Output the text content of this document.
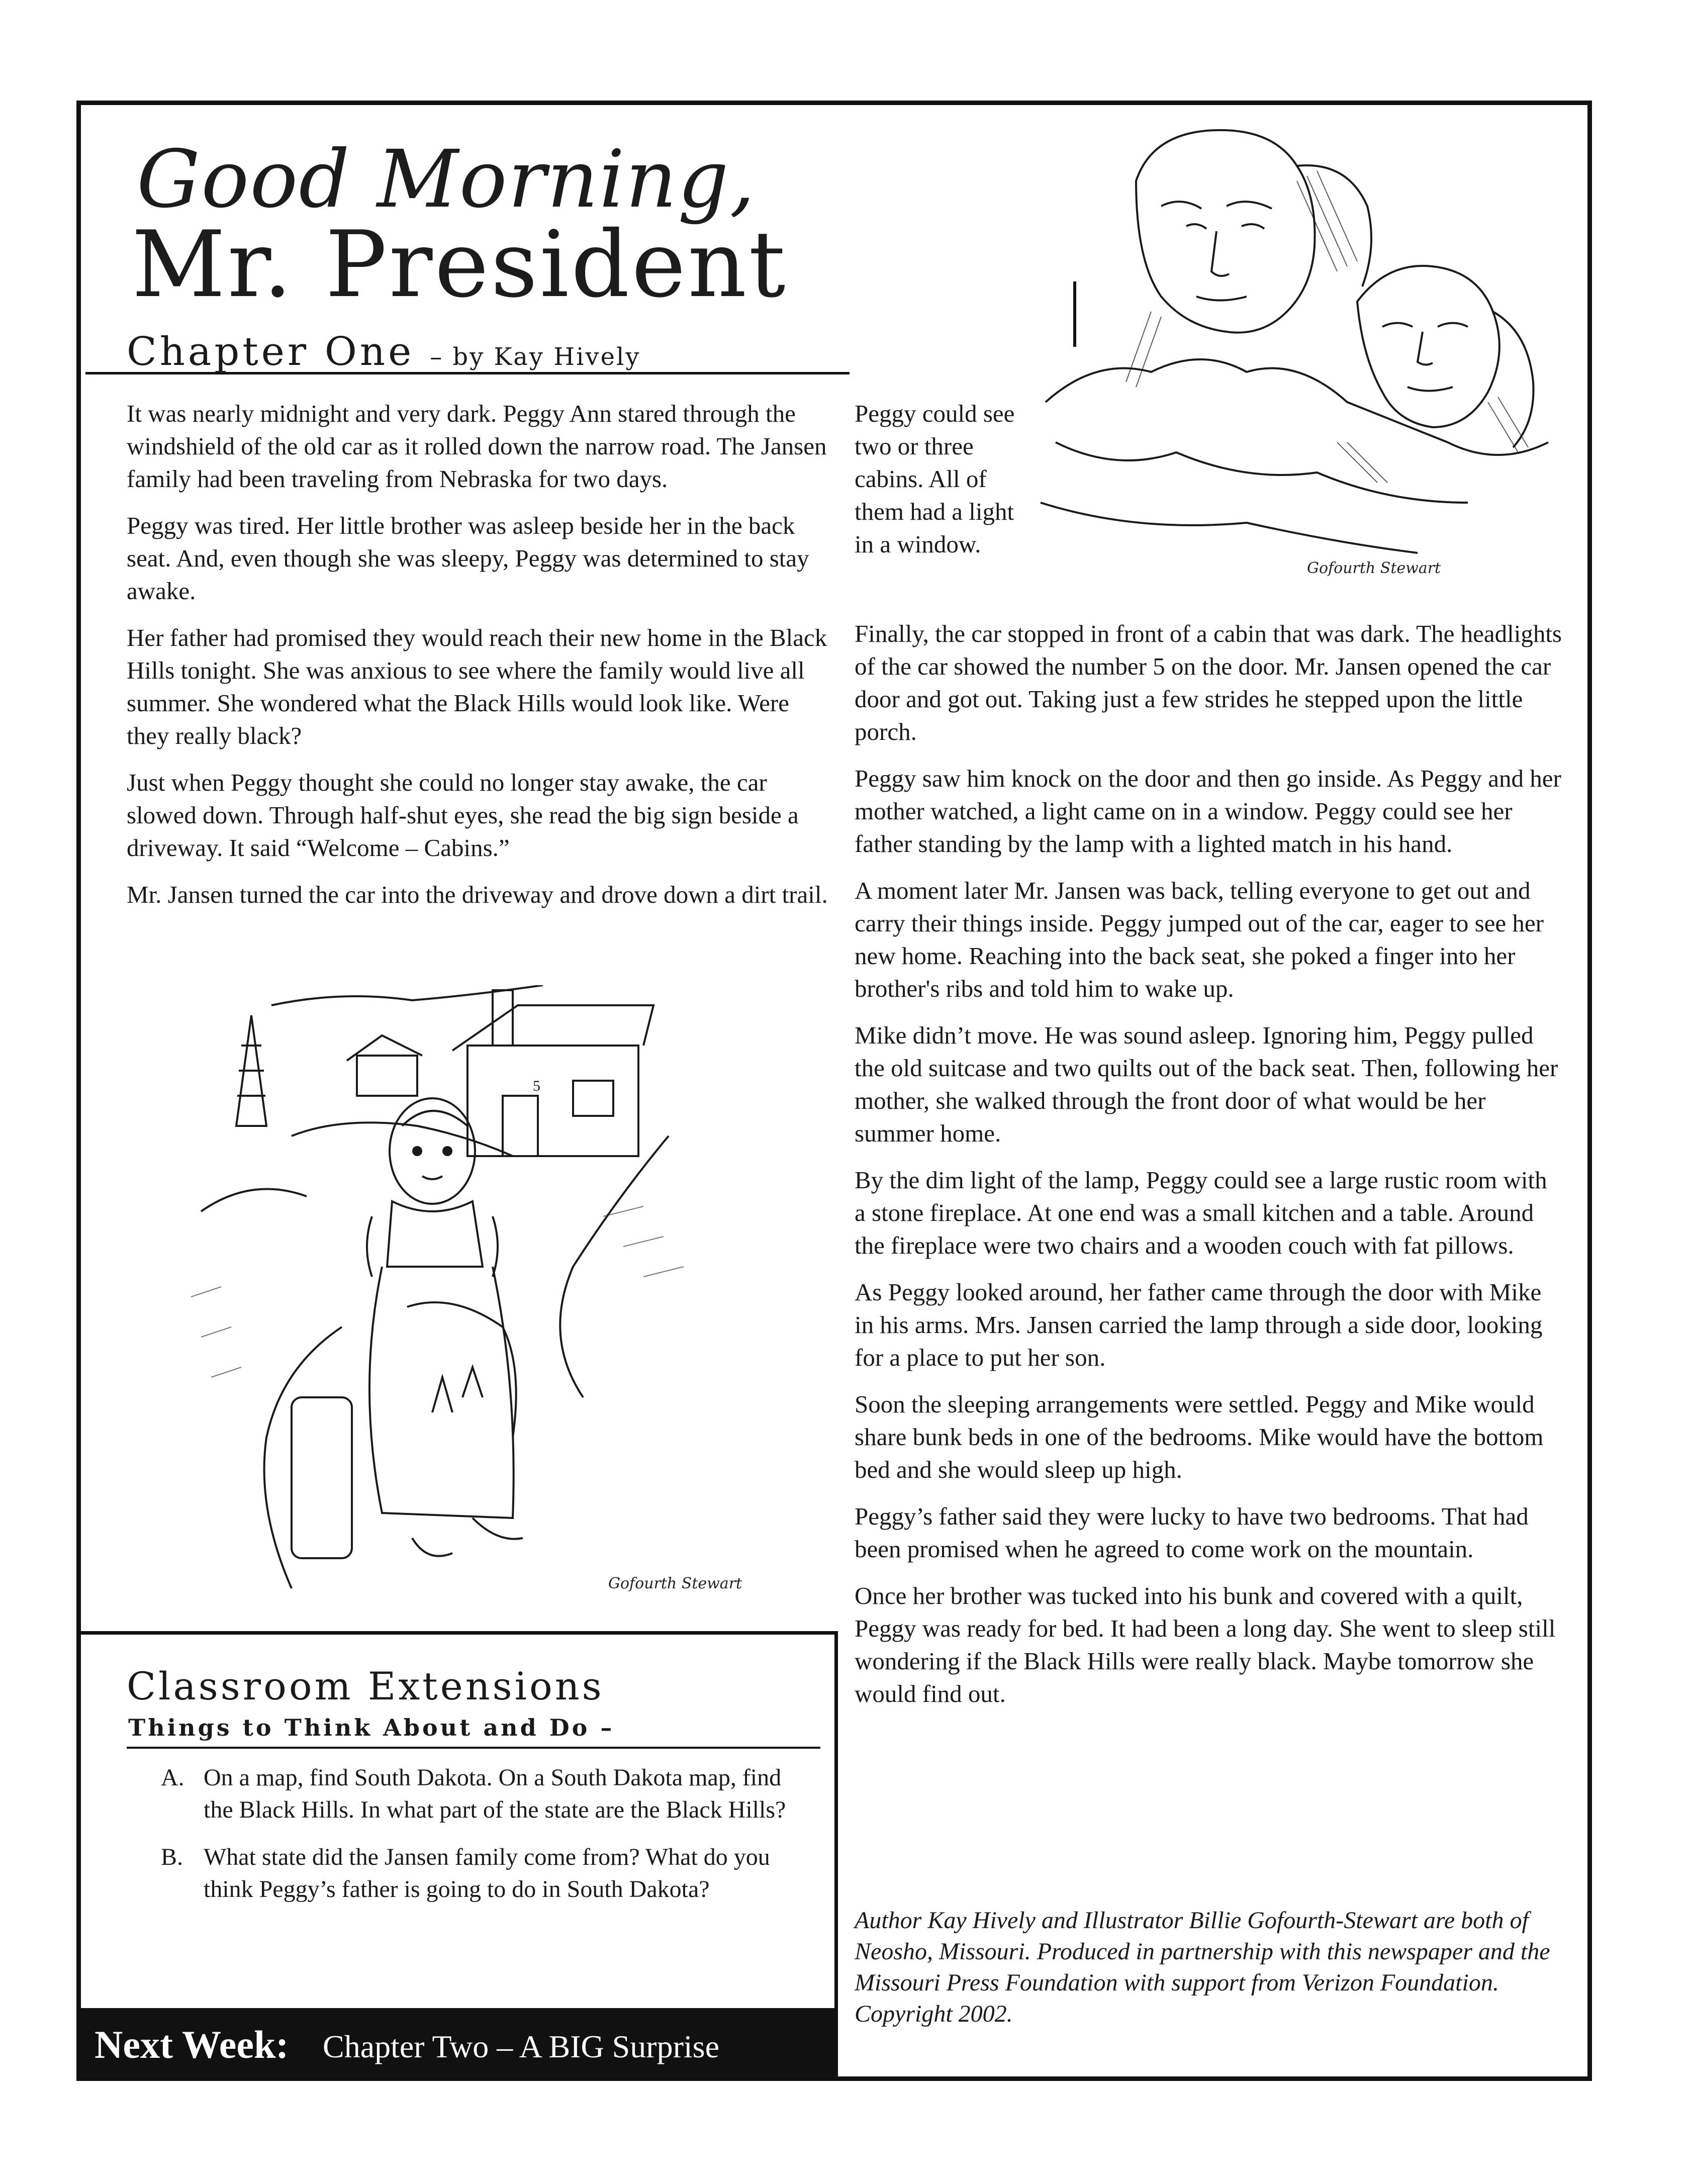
Good Morning,
Mr. President
Chapter One – by Kay Hively
Gofourth Stewart

It was nearly midnight and very dark. Peggy Ann stared through the windshield of the old car as it rolled down the narrow road. The Jansen family had been traveling from Nebraska for two days.

Peggy was tired. Her little brother was asleep beside her in the back seat. And, even though she was sleepy, Peggy was determined to stay awake.

Her father had promised they would reach their new home in the Black Hills tonight. She was anxious to see where the family would live all summer. She wondered what the Black Hills would look like. Were they really black?

Just when Peggy thought she could no longer stay awake, the car slowed down. Through half-shut eyes, she read the big sign beside a driveway. It said “Welcome – Cabins.”

Mr. Jansen turned the car into the driveway and drove down a dirt trail.

Peggy could see two or three cabins. All of them had a light in a window.

5
Gofourth Stewart

Finally, the car stopped in front of a cabin that was dark. The headlights of the car showed the number 5 on the door. Mr. Jansen opened the car door and got out. Taking just a few strides he stepped upon the little porch.

Peggy saw him knock on the door and then go inside. As Peggy and her mother watched, a light came on in a window. Peggy could see her father standing by the lamp with a lighted match in his hand.

A moment later Mr. Jansen was back, telling everyone to get out and carry their things inside. Peggy jumped out of the car, eager to see her new home. Reaching into the back seat, she poked a finger into her brother's ribs and told him to wake up.

Mike didn’t move. He was sound asleep. Ignoring him, Peggy pulled the old suitcase and two quilts out of the back seat. Then, following her mother, she walked through the front door of what would be her summer home.

By the dim light of the lamp, Peggy could see a large rustic room with a stone fireplace. At one end was a small kitchen and a table. Around the fireplace were two chairs and a wooden couch with fat pillows.

As Peggy looked around, her father came through the door with Mike in his arms. Mrs. Jansen carried the lamp through a side door, looking for a place to put her son.

Soon the sleeping arrangements were settled. Peggy and Mike would share bunk beds in one of the bedrooms. Mike would have the bottom bed and she would sleep up high.

Peggy’s father said they were lucky to have two bedrooms. That had been promised when he agreed to come work on the mountain.

Once her brother was tucked into his bunk and covered with a quilt, Peggy was ready for bed. It had been a long day. She went to sleep still wondering if the Black Hills were really black. Maybe tomorrow she would find out.

Author Kay Hively and Illustrator Billie Gofourth-Stewart are both of Neosho, Missouri. Produced in partnership with this newspaper and the Missouri Press Foundation with support from Verizon Foundation. Copyright 2002.
Classroom Extensions
Things to Think About and Do –
A. On a map, find South Dakota. On a South Dakota map, find the Black Hills. In what part of the state are the Black Hills?
B. What state did the Jansen family come from? What do you think Peggy’s father is going to do in South Dakota?
Next Week: Chapter Two – A BIG Surprise
